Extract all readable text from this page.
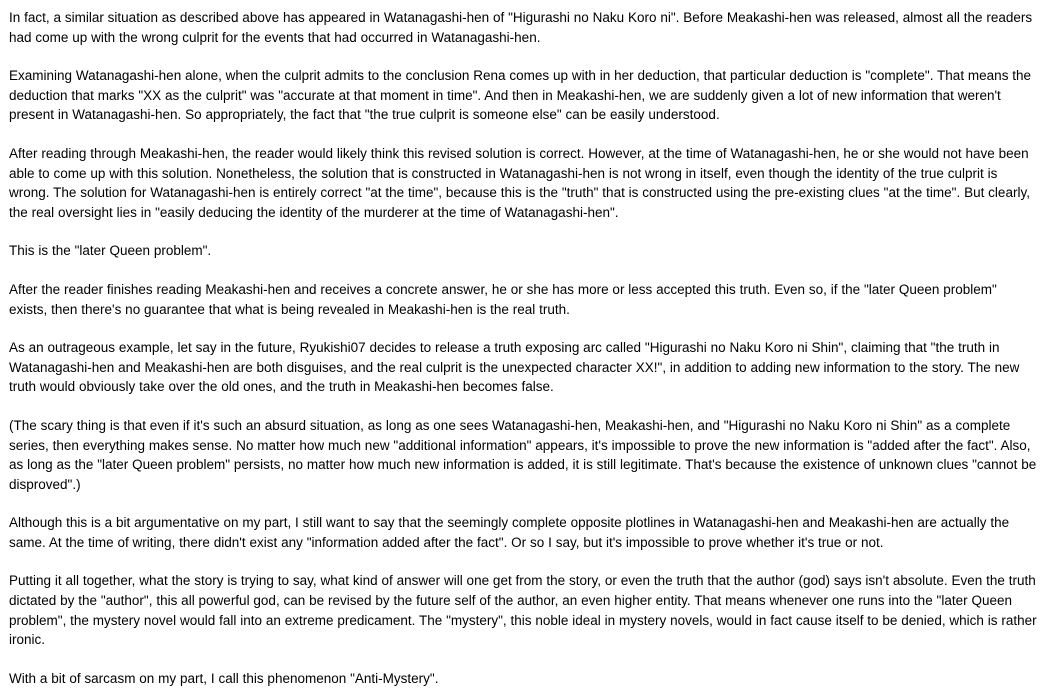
In fact, a similar situation as described above has appeared in Watanagashi-hen of "Higurashi no Naku Koro ni". Before Meakashi-hen was released, almost all the readers had come up with the wrong culprit for the events that had occurred in Watanagashi-hen.

Examining Watanagashi-hen alone, when the culprit admits to the conclusion Rena comes up with in her deduction, that particular deduction is "complete". That means the deduction that marks "XX as the culprit" was "accurate at that moment in time". And then in Meakashi-hen, we are suddenly given a lot of new information that weren't present in Watanagashi-hen. So appropriately, the fact that "the true culprit is someone else" can be easily understood.

After reading through Meakashi-hen, the reader would likely think this revised solution is correct. However, at the time of Watanagashi-hen, he or she would not have been able to come up with this solution. Nonetheless, the solution that is constructed in Watanagashi-hen is not wrong in itself, even though the identity of the true culprit is wrong. The solution for Watanagashi-hen is entirely correct "at the time", because this is the "truth" that is constructed using the pre-existing clues "at the time". But clearly, the real oversight lies in "easily deducing the identity of the murderer at the time of Watanagashi-hen".

This is the "later Queen problem".

After the reader finishes reading Meakashi-hen and receives a concrete answer, he or she has more or less accepted this truth. Even so, if the "later Queen problem" exists, then there's no guarantee that what is being revealed in Meakashi-hen is the real truth.

As an outrageous example, let say in the future, Ryukishi07 decides to release a truth exposing arc called "Higurashi no Naku Koro ni Shin", claiming that "the truth in Watanagashi-hen and Meakashi-hen are both disguises, and the real culprit is the unexpected character XX!", in addition to adding new information to the story. The new truth would obviously take over the old ones, and the truth in Meakashi-hen becomes false.

(The scary thing is that even if it's such an absurd situation, as long as one sees Watanagashi-hen, Meakashi-hen, and "Higurashi no Naku Koro ni Shin" as a complete series, then everything makes sense. No matter how much new "additional information" appears, it's impossible to prove the new information is "added after the fact". Also, as long as the "later Queen problem" persists, no matter how much new information is added, it is still legitimate. That's because the existence of unknown clues "cannot be disproved".)

Although this is a bit argumentative on my part, I still want to say that the seemingly complete opposite plotlines in Watanagashi-hen and Meakashi-hen are actually the same. At the time of writing, there didn't exist any "information added after the fact". Or so I say, but it's impossible to prove whether it's true or not.

Putting it all together, what the story is trying to say, what kind of answer will one get from the story, or even the truth that the author (god) says isn't absolute. Even the truth dictated by the "author", this all powerful god, can be revised by the future self of the author, an even higher entity. That means whenever one runs into the "later Queen problem", the mystery novel would fall into an extreme predicament. The "mystery", this noble ideal in mystery novels, would in fact cause itself to be denied, which is rather ironic.

With a bit of sarcasm on my part, I call this phenomenon "Anti-Mystery".
